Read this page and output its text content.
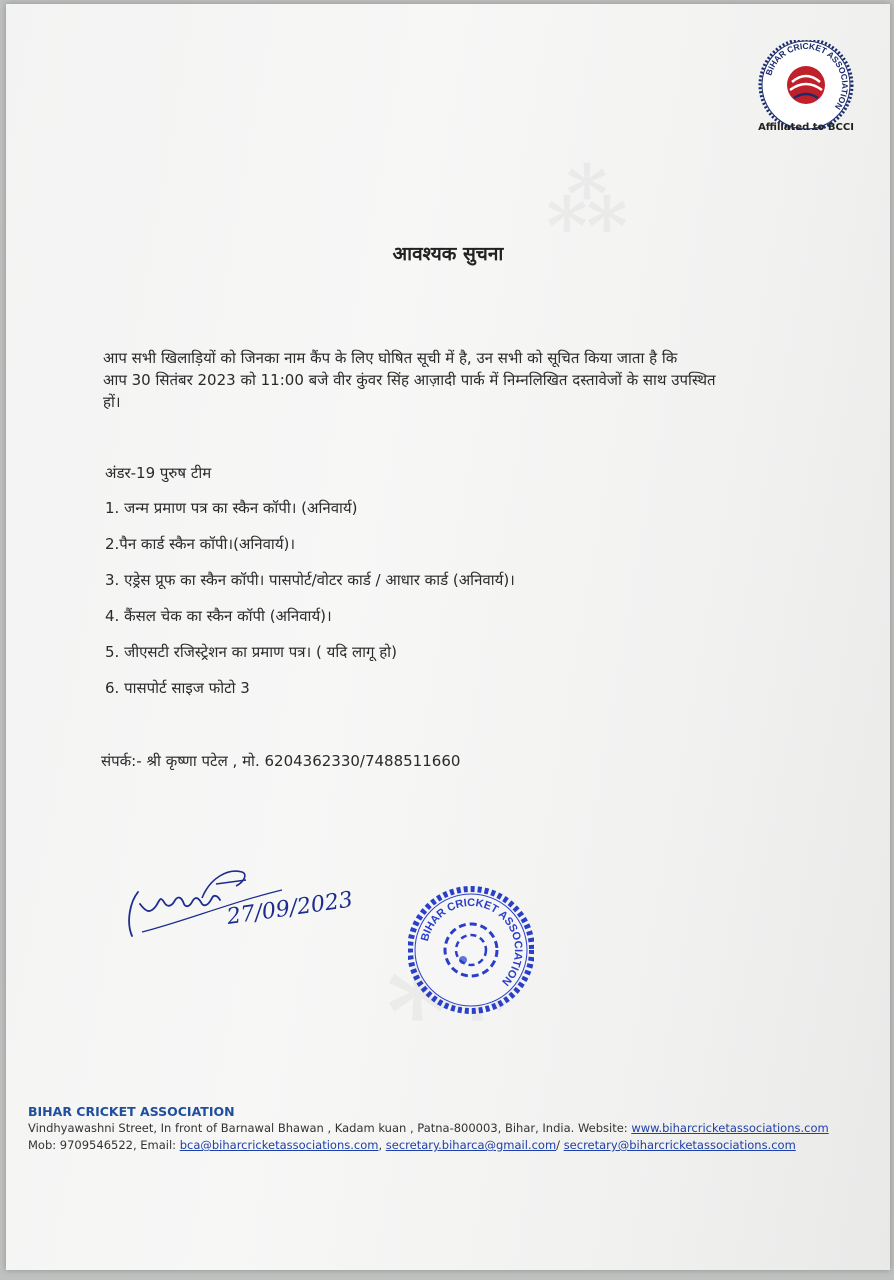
BIHAR CRICKET ASSOCIATION
Affiliated to BCCI
आवश्यक सुचना

आप सभी खिलाड़ियों को जिनका नाम कैंप के लिए घोषित सूची में है, उन सभी को सूचित किया जाता है कि

आप 30 सितंबर 2023 को 11:00 बजे वीर कुंवर सिंह आज़ादी पार्क में निम्नलिखित दस्तावेजों के साथ उपस्थित

हों।

अंडर-19 पुरुष टीम
1. जन्म प्रमाण पत्र का स्कैन कॉपी। (अनिवार्य)
2.पैन कार्ड स्कैन कॉपी।(अनिवार्य)।
3. एड्रेस प्रूफ का स्कैन कॉपी। पासपोर्ट/वोटर कार्ड / आधार कार्ड (अनिवार्य)।
4. कैंसल चेक का स्कैन कॉपी (अनिवार्य)।
5. जीएसटी रजिस्ट्रेशन का प्रमाण पत्र। ( यदि लागू हो)
6. पासपोर्ट साइज फोटो 3
संपर्क:- श्री कृष्णा पटेल , मो. 6204362330/7488511660
27/09/2023
BIHAR CRICKET ASSOCIATION
BIHAR CRICKET ASSOCIATION
Vindhyawashni Street, In front of Barnawal Bhawan , Kadam kuan , Patna-800003, Bihar, India. Website: www.biharcricketassociations.com
Mob: 9709546522, Email: bca@biharcricketassociations.com, secretary.biharca@gmail.com/ secretary@biharcricketassociations.com
